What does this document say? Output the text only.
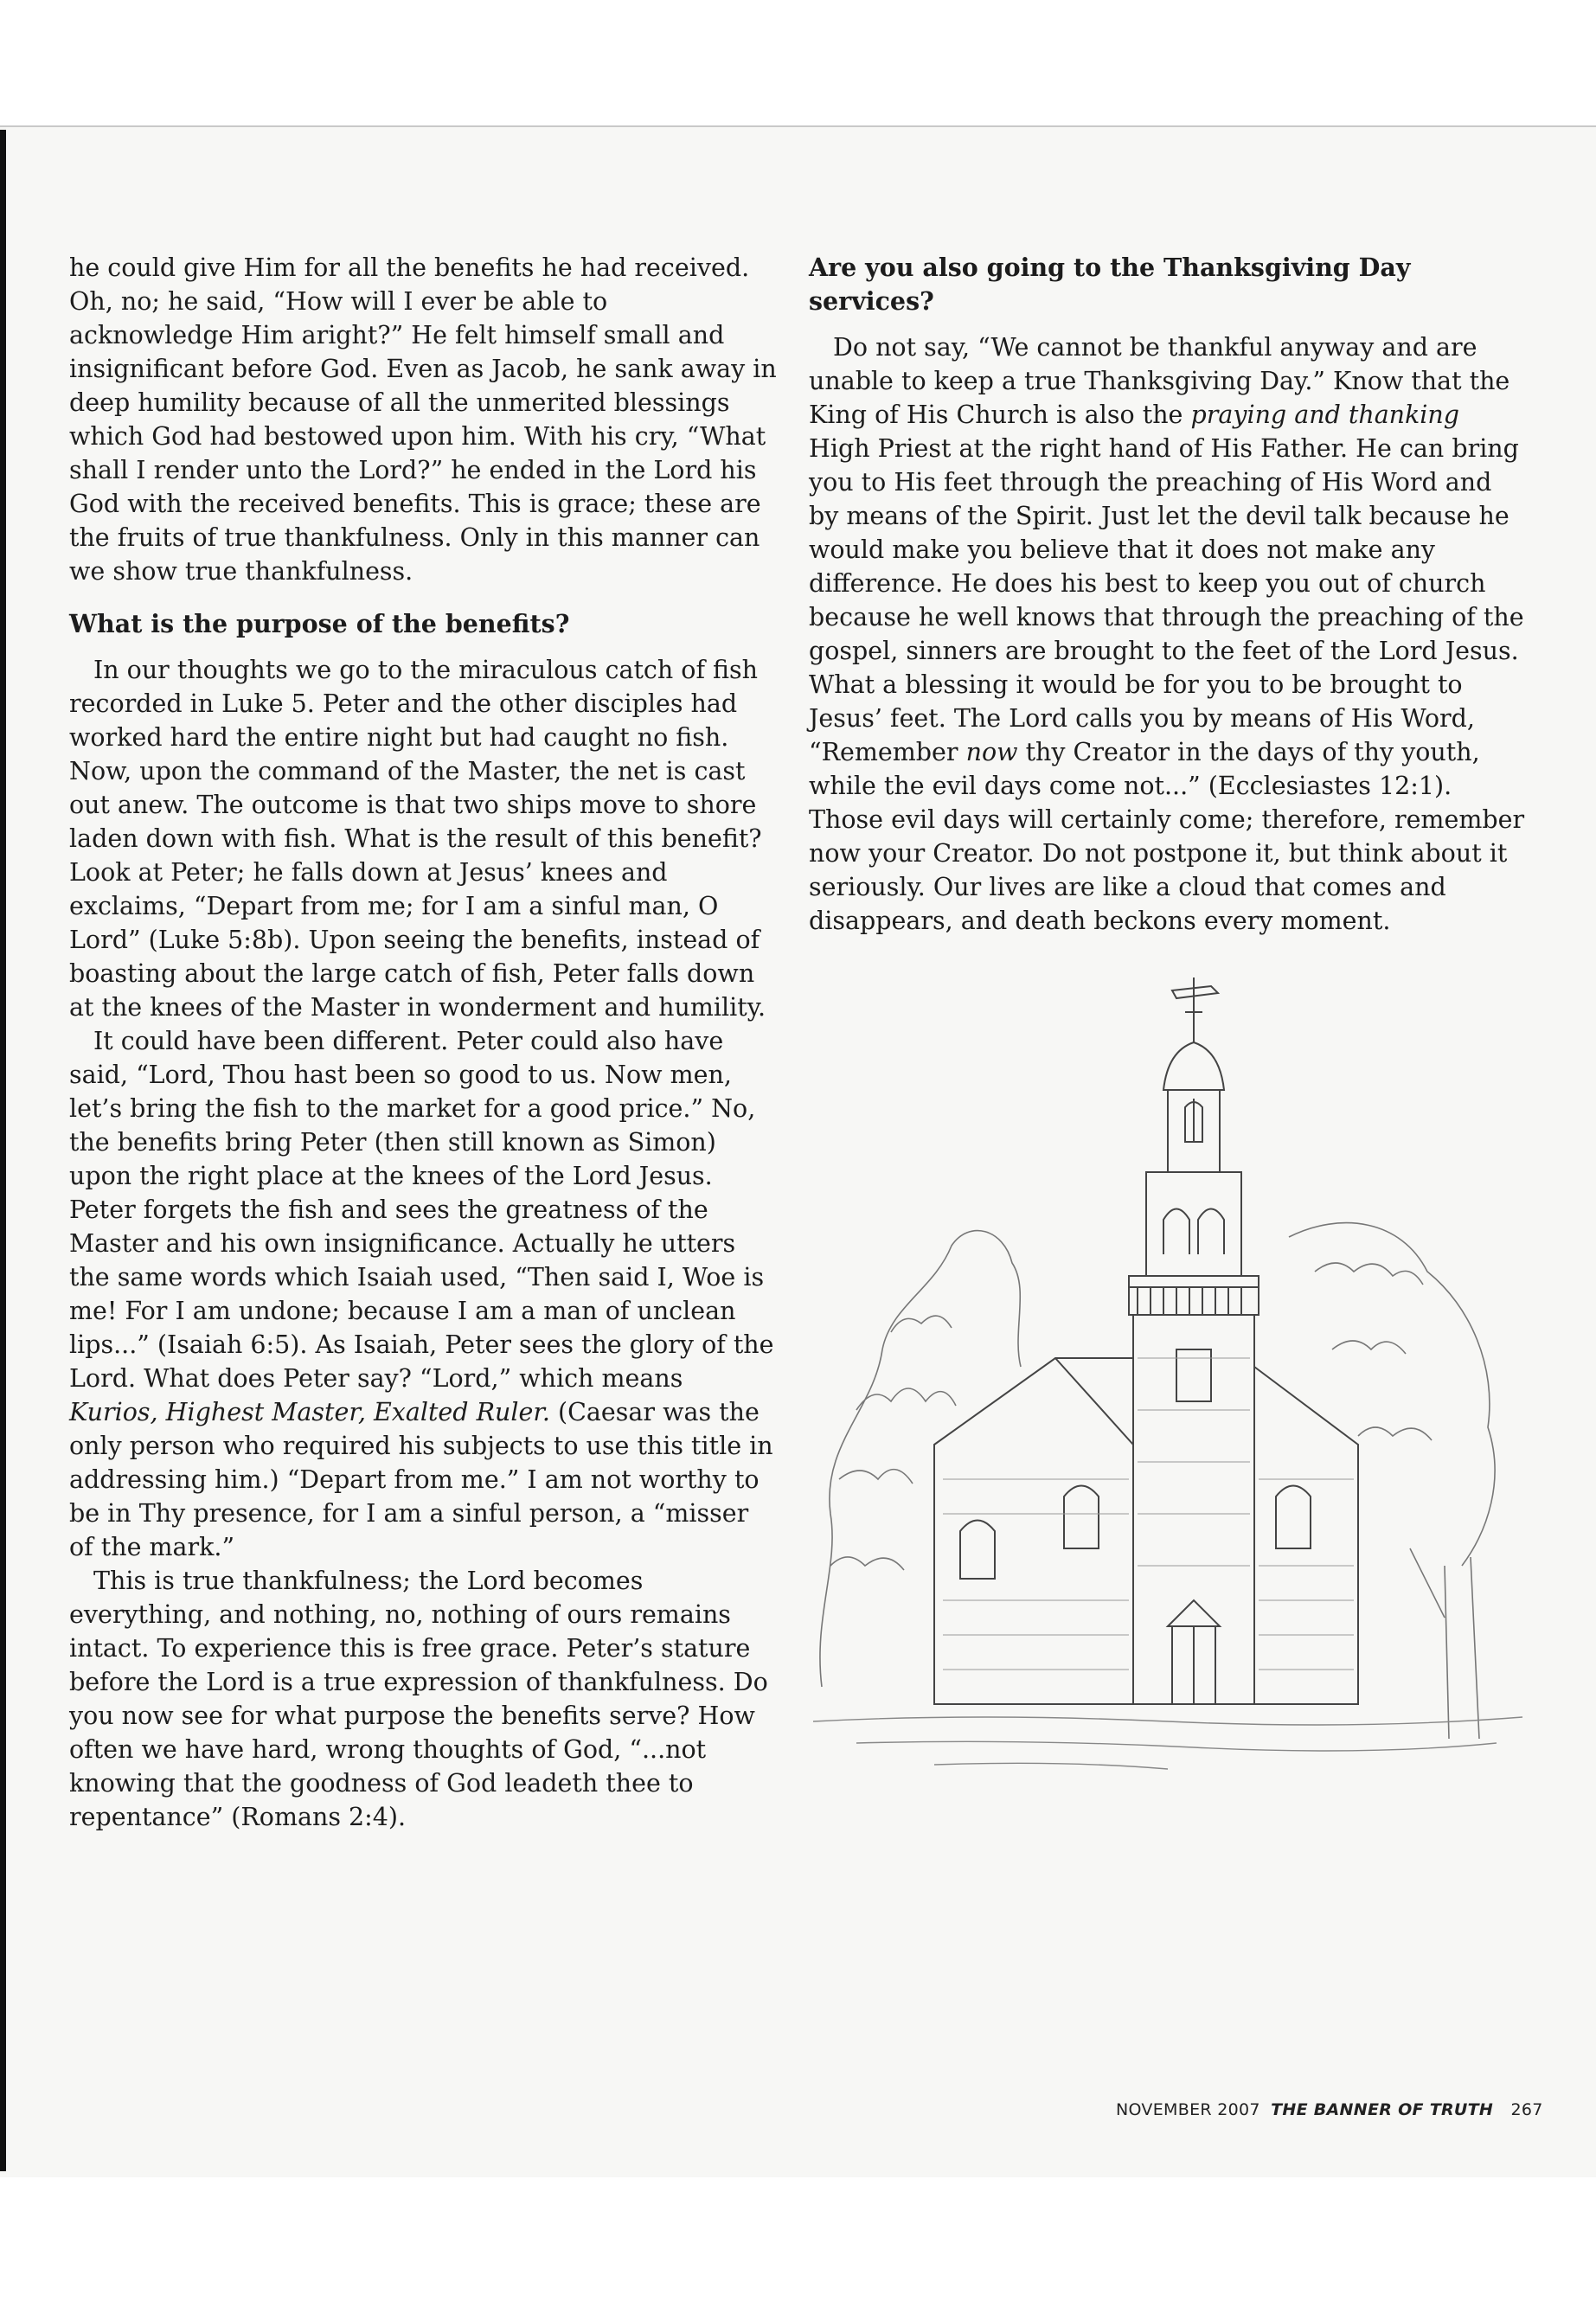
he could give Him for all the benefits he had received. Oh, no; he said, “How will I ever be able to acknowledge Him aright?” He felt himself small and insignificant before God. Even as Jacob, he sank away in deep humility because of all the unmerited blessings which God had bestowed upon him. With his cry, “What shall I render unto the Lord?” he ended in the Lord his God with the received benefits. This is grace; these are the fruits of true thankfulness. Only in this manner can we show true thankfulness.

What is the purpose of the benefits?

In our thoughts we go to the miraculous catch of fish recorded in Luke 5. Peter and the other disciples had worked hard the entire night but had caught no fish. Now, upon the command of the Master, the net is cast out anew. The outcome is that two ships move to shore laden down with fish. What is the result of this benefit? Look at Peter; he falls down at Jesus’ knees and exclaims, “Depart from me; for I am a sinful man, O Lord” (Luke 5:8b). Upon seeing the benefits, instead of boasting about the large catch of fish, Peter falls down at the knees of the Master in wonderment and humility.

It could have been different. Peter could also have said, “Lord, Thou hast been so good to us. Now men, let’s bring the fish to the market for a good price.” No, the benefits bring Peter (then still known as Simon) upon the right place at the knees of the Lord Jesus. Peter forgets the fish and sees the greatness of the Master and his own insignificance. Actually he utters the same words which Isaiah used, “Then said I, Woe is me! For I am undone; because I am a man of unclean lips...” (Isaiah 6:5). As Isaiah, Peter sees the glory of the Lord. What does Peter say? “Lord,” which means Kurios, Highest Master, Exalted Ruler. (Caesar was the only person who required his subjects to use this title in addressing him.) “Depart from me.” I am not worthy to be in Thy presence, for I am a sinful person, a “misser of the mark.”

This is true thankfulness; the Lord becomes everything, and nothing, no, nothing of ours remains intact. To experience this is free grace. Peter’s stature before the Lord is a true expression of thankfulness. Do you now see for what purpose the benefits serve? How often we have hard, wrong thoughts of God, “...not knowing that the goodness of God leadeth thee to repentance” (Romans 2:4).

Are you also going to the Thanksgiving Day services?

Do not say, “We cannot be thankful anyway and are unable to keep a true Thanksgiving Day.” Know that the King of His Church is also the praying and thanking High Priest at the right hand of His Father. He can bring you to His feet through the preaching of His Word and by means of the Spirit. Just let the devil talk because he would make you believe that it does not make any difference. He does his best to keep you out of church because he well knows that through the preaching of the gospel, sinners are brought to the feet of the Lord Jesus. What a blessing it would be for you to be brought to Jesus’ feet. The Lord calls you by means of His Word, “Remember now thy Creator in the days of thy youth, while the evil days come not...” (Ecclesiastes 12:1). Those evil days will certainly come; therefore, remember now your Creator. Do not postpone it, but think about it seriously. Our lives are like a cloud that comes and disappears, and death beckons every moment.

NOVEMBER 2007 THE BANNER OF TRUTH 267
